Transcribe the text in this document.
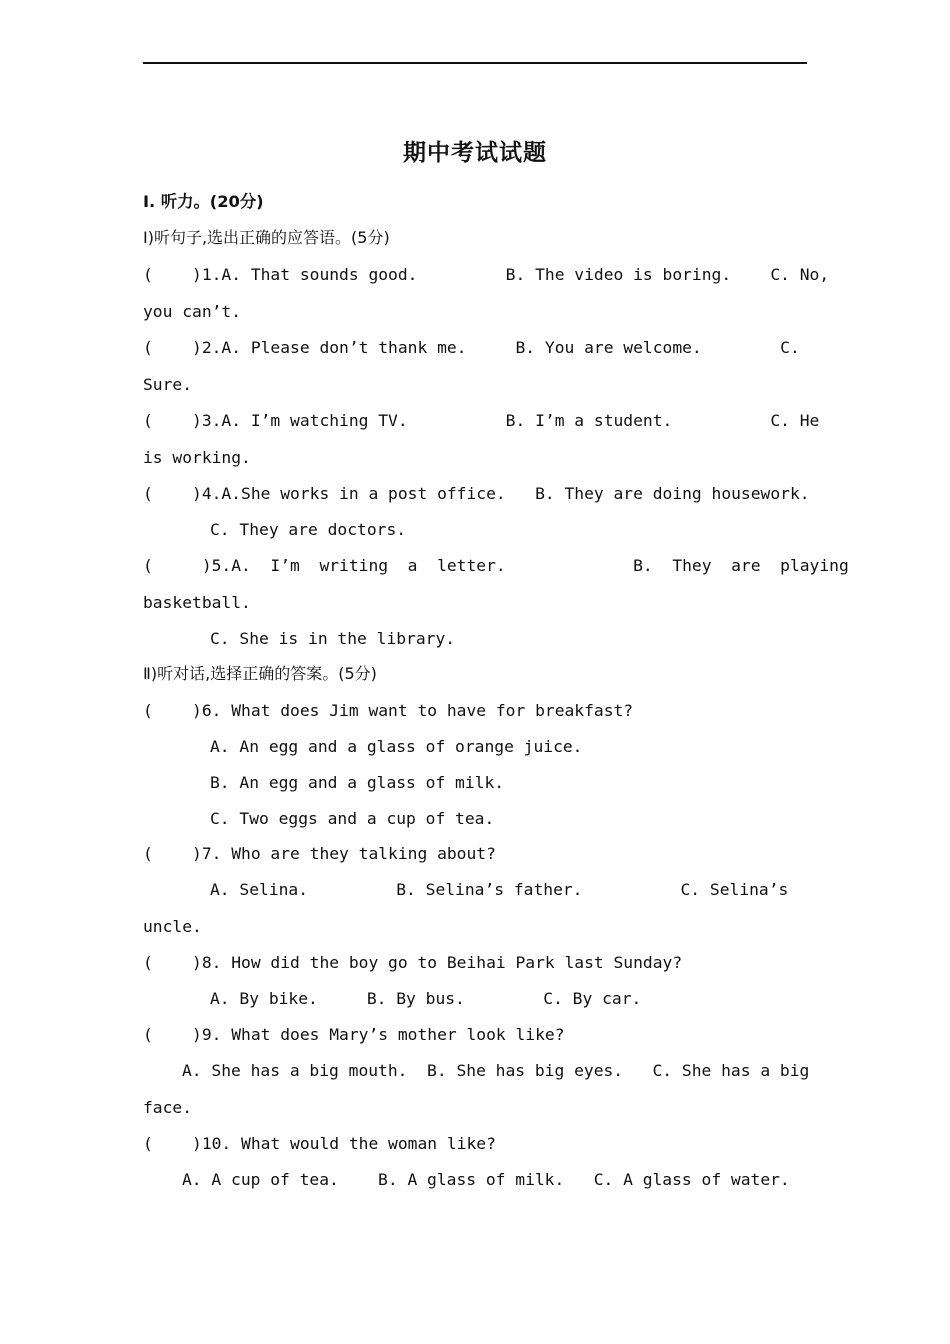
期中考试试题
Ⅰ. 听力。(20分)
Ⅰ)听句子,选出正确的应答语。(5分)
(    )1.A. That sounds good.         B. The video is boring.    C. No,
you can’t.
(    )2.A. Please don’t thank me.     B. You are welcome.        C.
Sure.
(    )3.A. I’m watching TV.          B. I’m a student.          C. He
is working.
(    )4.A.She works in a post office.   B. They are doing housework.
C. They are doctors.
(     )5.A.  I’m  writing  a  letter.             B.  They  are  playing
basketball.
C. She is in the library.
Ⅱ)听对话,选择正确的答案。(5分)
(    )6. What does Jim want to have for breakfast?
A. An egg and a glass of orange juice.
B. An egg and a glass of milk.
C. Two eggs and a cup of tea.
(    )7. Who are they talking about?
A. Selina.         B. Selina’s father.          C. Selina’s
uncle.
(    )8. How did the boy go to Beihai Park last Sunday?
A. By bike.     B. By bus.        C. By car.
(    )9. What does Mary’s mother look like?
A. She has a big mouth.  B. She has big eyes.   C. She has a big
face.
(    )10. What would the woman like?
A. A cup of tea.    B. A glass of milk.   C. A glass of water.
